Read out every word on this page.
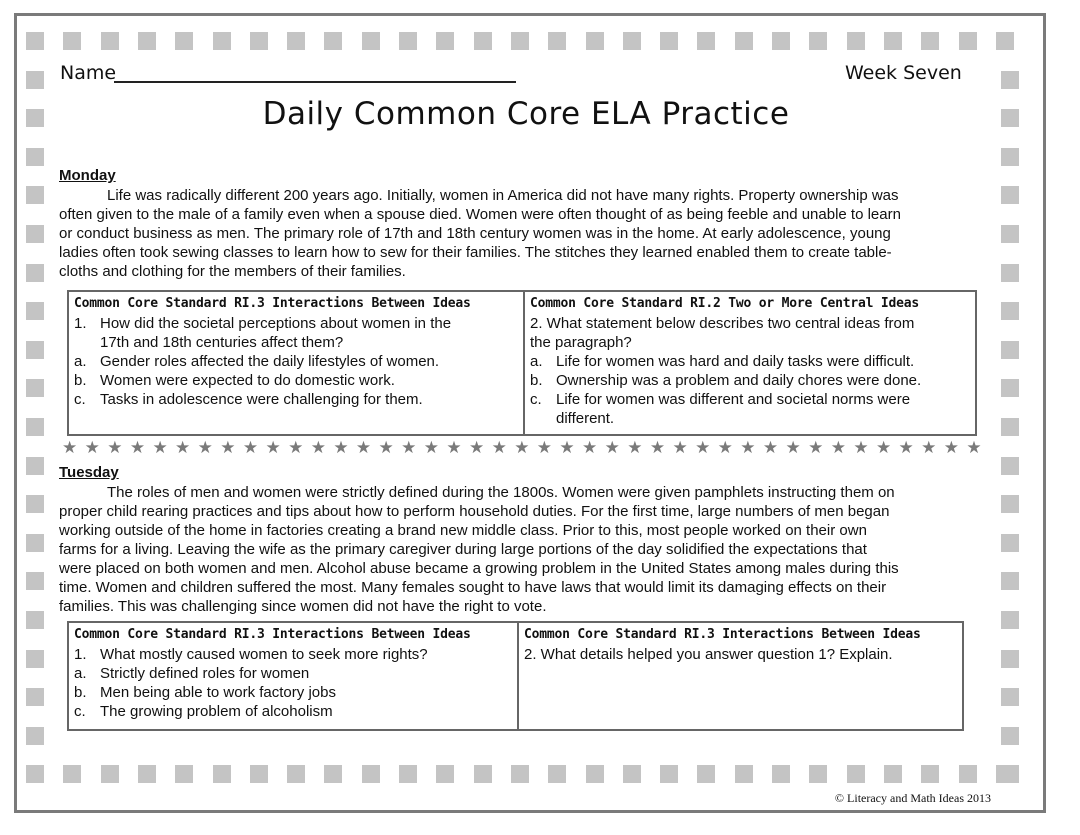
Name	Week Seven
Daily Common Core ELA Practice
Monday
Life was radically different 200 years ago. Initially, women in America did not have many rights. Property ownership was
often given to the male of a family even when a spouse died. Women were often thought of as being feeble and unable to learn
or conduct business as men. The primary role of 17th and 18th century women was in the home. At early adolescence, young
ladies often took sewing classes to learn how to sew for their families. The stitches they learned enabled them to create table-
cloths and clothing for the members of their families.
Common Core Standard RI.3 Interactions Between Ideas
1. How did the societal perceptions about women in the
17th and 18th centuries affect them?
a. Gender roles affected the daily lifestyles of women.
b. Women were expected to do domestic work.
c. Tasks in adolescence were challenging for them.
Common Core Standard RI.2 Two or More Central Ideas
2. What statement below describes two central ideas from
the paragraph?
a. Life for women was hard and daily tasks were difficult.
b. Ownership was a problem and daily chores were done.
c. Life for women was different and societal norms were
different.
★ ★ ★ ★ ★ ★ ★ ★ ★ ★ ★ ★ ★ ★ ★ ★ ★ ★ ★ ★ ★ ★ ★ ★ ★ ★ ★ ★ ★ ★ ★ ★ ★ ★ ★ ★ ★ ★ ★ ★ ★
Tuesday
The roles of men and women were strictly defined during the 1800s. Women were given pamphlets instructing them on
proper child rearing practices and tips about how to perform household duties. For the first time, large numbers of men began
working outside of the home in factories creating a brand new middle class. Prior to this, most people worked on their own
farms for a living. Leaving the wife as the primary caregiver during large portions of the day solidified the expectations that
were placed on both women and men. Alcohol abuse became a growing problem in the United States among males during this
time. Women and children suffered the most. Many females sought to have laws that would limit its damaging effects on their
families. This was challenging since women did not have the right to vote.
Common Core Standard RI.3 Interactions Between Ideas
1. What mostly caused women to seek more rights?
a. Strictly defined roles for women
b. Men being able to work factory jobs
c. The growing problem of alcoholism
Common Core Standard RI.3 Interactions Between Ideas
2. What details helped you answer question 1? Explain.
© Literacy and Math Ideas 2013
